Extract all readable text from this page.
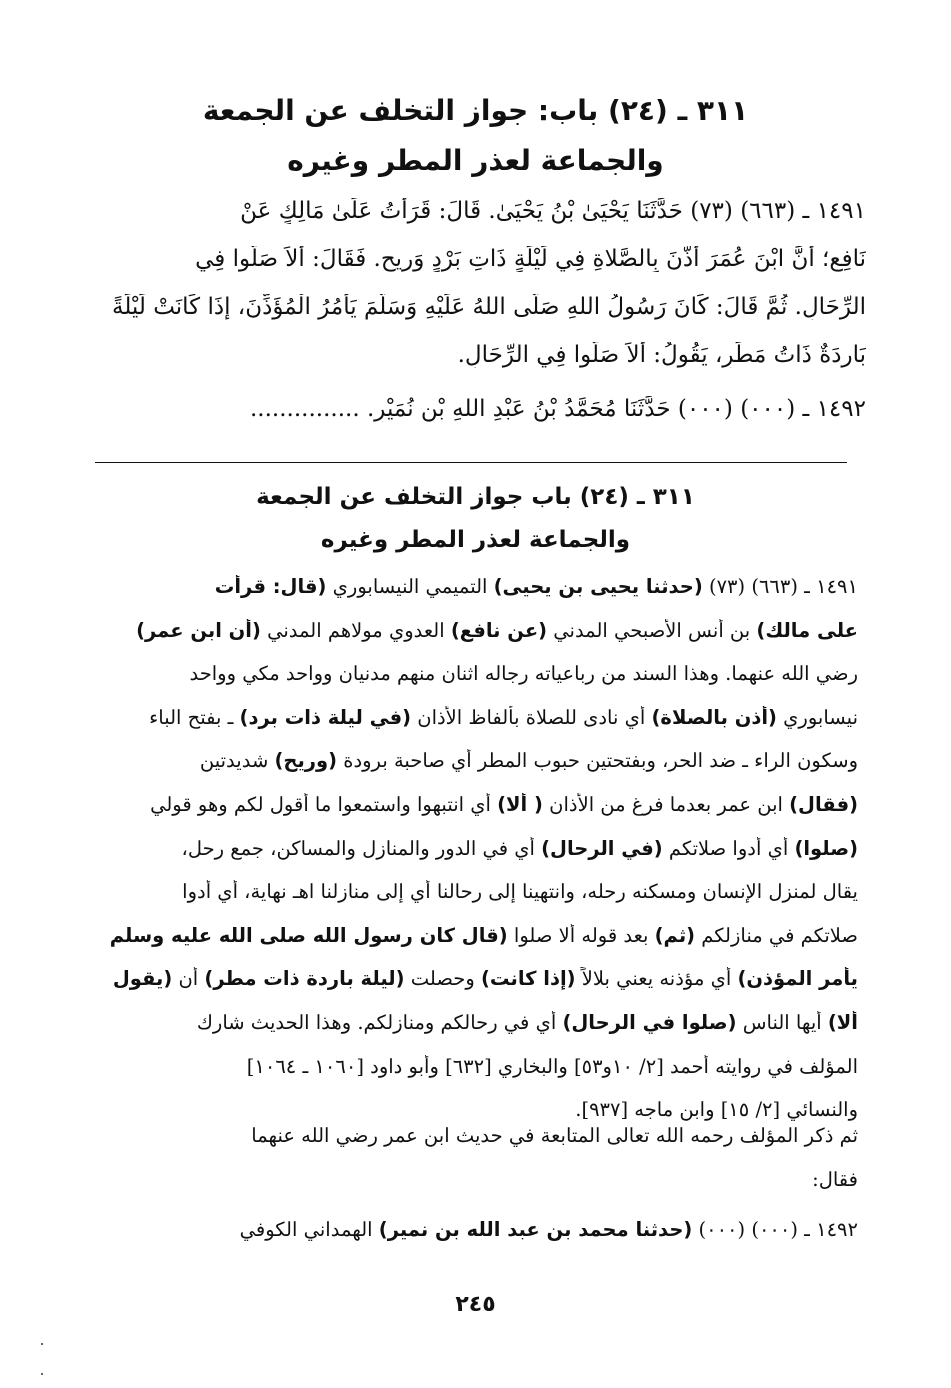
٣١١ ـ (٢٤) باب: جواز التخلف عن الجمعة
والجماعة لعذر المطر وغيره
١٤٩١ ـ (٦٦٣) (٧٣) حَدَّثَنَا يَحْيَىٰ بْنُ يَحْيَىٰ. قَالَ: قَرَأْتُ عَلَىٰ مَالِكٍ عَنْ
نَافِعٍ؛ أَنَّ ابْنَ عُمَرَ أَذَّنَ بِالصَّلاةِ فِي لَيْلَةٍ ذَاتِ بَرْدٍ وَرِيحٍ. فَقَالَ: أَلاَ صَلُّوا فِي
الرِّحَالِ. ثُمَّ قَالَ: كَانَ رَسُولُ اللهِ صَلَّى اللهُ عَلَيْهِ وَسَلَّمَ يَأْمُرُ الْمُؤَذِّنَ، إِذَا كَانَتْ لَيْلَةً
بَارِدَةٌ ذَاتُ مَطَرٍ، يَقُولُ: أَلاَ صَلُّوا فِي الرِّحَالِ.
١٤٩٢ ـ (٠٠٠) (٠٠٠) حَدَّثَنَا مُحَمَّدُ بْنُ عَبْدِ اللهِ بْنِ نُمَيْرٍ. ...............
٣١١ ـ (٢٤) باب جواز التخلف عن الجمعة
والجماعة لعذر المطر وغيره
١٤٩١ ـ (٦٦٣) (٧٣) (حدثنا يحيى بن يحيى) التميمي النيسابوري (قال: قرأت
على مالك) بن أنس الأصبحي المدني (عن نافع) العدوي مولاهم المدني (أن ابن عمر)
رضي الله عنهما. وهذا السند من رباعياته رجاله اثنان منهم مدنيان وواحد مكي وواحد
نيسابوري (أذن بالصلاة) أي نادى للصلاة بألفاظ الأذان (في ليلة ذات برد) ـ بفتح الباء
وسكون الراء ـ ضد الحر، وبفتحتين حبوب المطر أي صاحبة برودة (وريح) شديدتين
(فقال) ابن عمر بعدما فرغ من الأذان ( ألا) أي انتبهوا واستمعوا ما أقول لكم وهو قولي
(صلوا) أي أدوا صلاتكم (في الرحال) أي في الدور والمنازل والمساكن، جمع رحل،
يقال لمنزل الإنسان ومسكنه رحله، وانتهينا إلى رحالنا أي إلى منازلنا اهـ نهاية، أي أدوا
صلاتكم في منازلكم (ثم) بعد قوله ألا صلوا (قال كان رسول الله صلى الله عليه وسلم
يأمر المؤذن) أي مؤذنه يعني بلالاً (إذا كانت) وحصلت (ليلة باردة ذات مطر) أن (يقول
ألا) أيها الناس (صلوا في الرحال) أي في رحالكم ومنازلكم. وهذا الحديث شارك
المؤلف في روايته أحمد [٢/ ١٠و٥٣] والبخاري [٦٣٢] وأبو داود [١٠٦٠ ـ ١٠٦٤]
والنسائي [٢/ ١٥] وابن ماجه [٩٣٧].
ثم ذكر المؤلف رحمه الله تعالى المتابعة في حديث ابن عمر رضي الله عنهما
فقال:
١٤٩٢ ـ (٠٠٠) (٠٠٠) (حدثنا محمد بن عبد الله بن نمير) الهمداني الكوفي
٢٤٥
